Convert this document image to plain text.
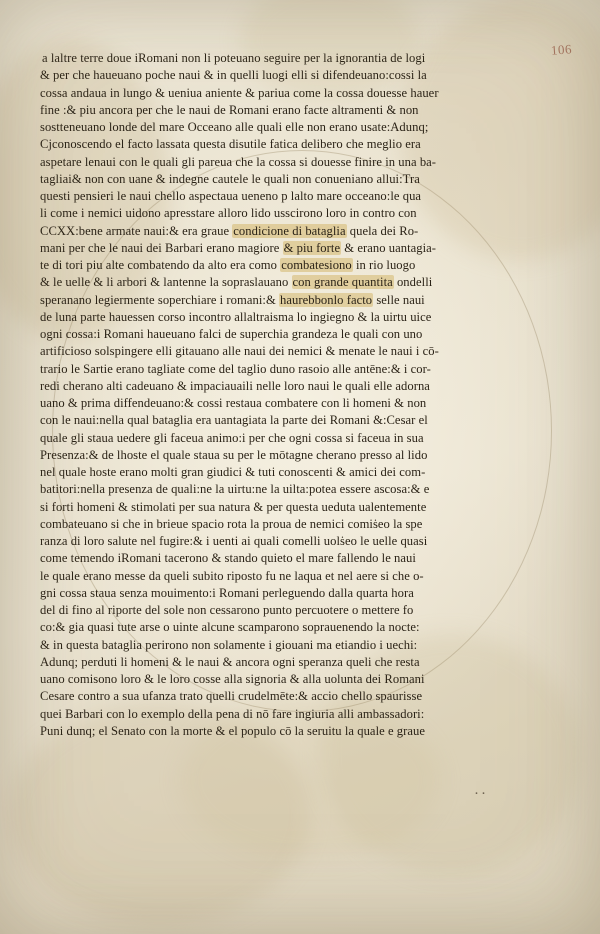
106
a laltre terre doue iRomani non li poteuano seguire per la ignorantia de logi
& per che haueuano poche naui & in quelli luogi elli si difendeuano:cossi la
cossa andaua in lungo & ueniua aniente & pariua come la cossa douesse hauer
fine :& piu ancora per che le naui de Romani erano facte altramenti & non
sostteneuano londe del mare Occeano alle quali elle non erano usate:Adunq;
Cjconoscendo el facto lassata questa disutile fatica delibero che meglio era
aspetare lenaui con le quali gli pareua che la cossa si douesse finire in una ba-
tagliai& non con uane & indegne cautele le quali non conueniano allui:Tra
questi pensieri le naui chello aspectaua ueneno p lalto mare occeano:le qua
li come i nemici uidono apresstare alloro lido usscirono loro in contro con
CCXX:bene armate naui:& era graue condicione di bataglia quela dei Ro-
mani per che le naui dei Barbari erano magiore & piu forte & erano uantagia-
te di tori piu alte combatendo da alto era como combatesiono in rio luogo
& le uelle & li arbori & lantenne la sopraslauano con grande quantita ondelli
speranano legiermente soperchiare i romani:& haurebbonlo facto selle naui
de luna parte hauessen corso incontro allaltraisma lo ingiegno & la uirtu uice
ogni cossa:i Romani haueuano falci de superchia grandeza le quali con uno
artificioso solspingere elli gitauano alle naui dei nemici & menate le naui i cō-
trario le Sartie erano tagliate come del taglio duno rasoio alle antēne:& i cor-
redi cherano alti cadeuano & impaciauaili nelle loro naui le quali elle adorna
uano & prima diffendeuano:& cossi restaua combatere con li homeni & non
con le naui:nella qual bataglia era uantagiata la parte dei Romani &:Cesar el
quale gli staua uedere gli faceua animo:i per che ogni cossa si faceua in sua
Presenza:& de lhoste el quale staua su per le mōtagne cherano presso al lido
nel quale hoste erano molti gran giudici & tuti conoscenti & amici dei com-
batitori:nella presenza de quali:ne la uirtu:ne la uilta:potea essere ascosa:& e
si forti homeni & stimolati per sua natura & per questa ueduta ualentemente
combateuano si che in brieue spacio rota la proua de nemici comiṡeo la spe
ranza di loro salute nel fugire:& i uenti ai quali comelli uolṡeo le uelle quasi
come temendo iRomani tacerono & stando quieto el mare fallendo le naui
le quale erano messe da queli subito riposto fu ne laqua et nel aere si che o-
gni cossa staua senza mouimento:i Romani perleguendo dalla quarta hora
del di fino al riporte del sole non cessarono punto percuotere o mettere fo
co:& gia quasi tute arse o uinte alcune scamparono soprauenendo la nocte:
& in questa bataglia perirono non solamente i giouani ma etiandio i uechi:
Adunq; perduti li homeni & le naui & ancora ogni speranza queli che resta
uano comisono loro & le loro cosse alla signoria & alla uolunta dei Romani
Cesare contro a sua ufanza trato quelli crudelmēte:& accio chello spaurisse
quei Barbari con lo exemplo della pena di nō fare ingiuria alli ambassadori:
Puni dunq; el Senato con la morte & el populo cō la seruitu la quale e graue
··
